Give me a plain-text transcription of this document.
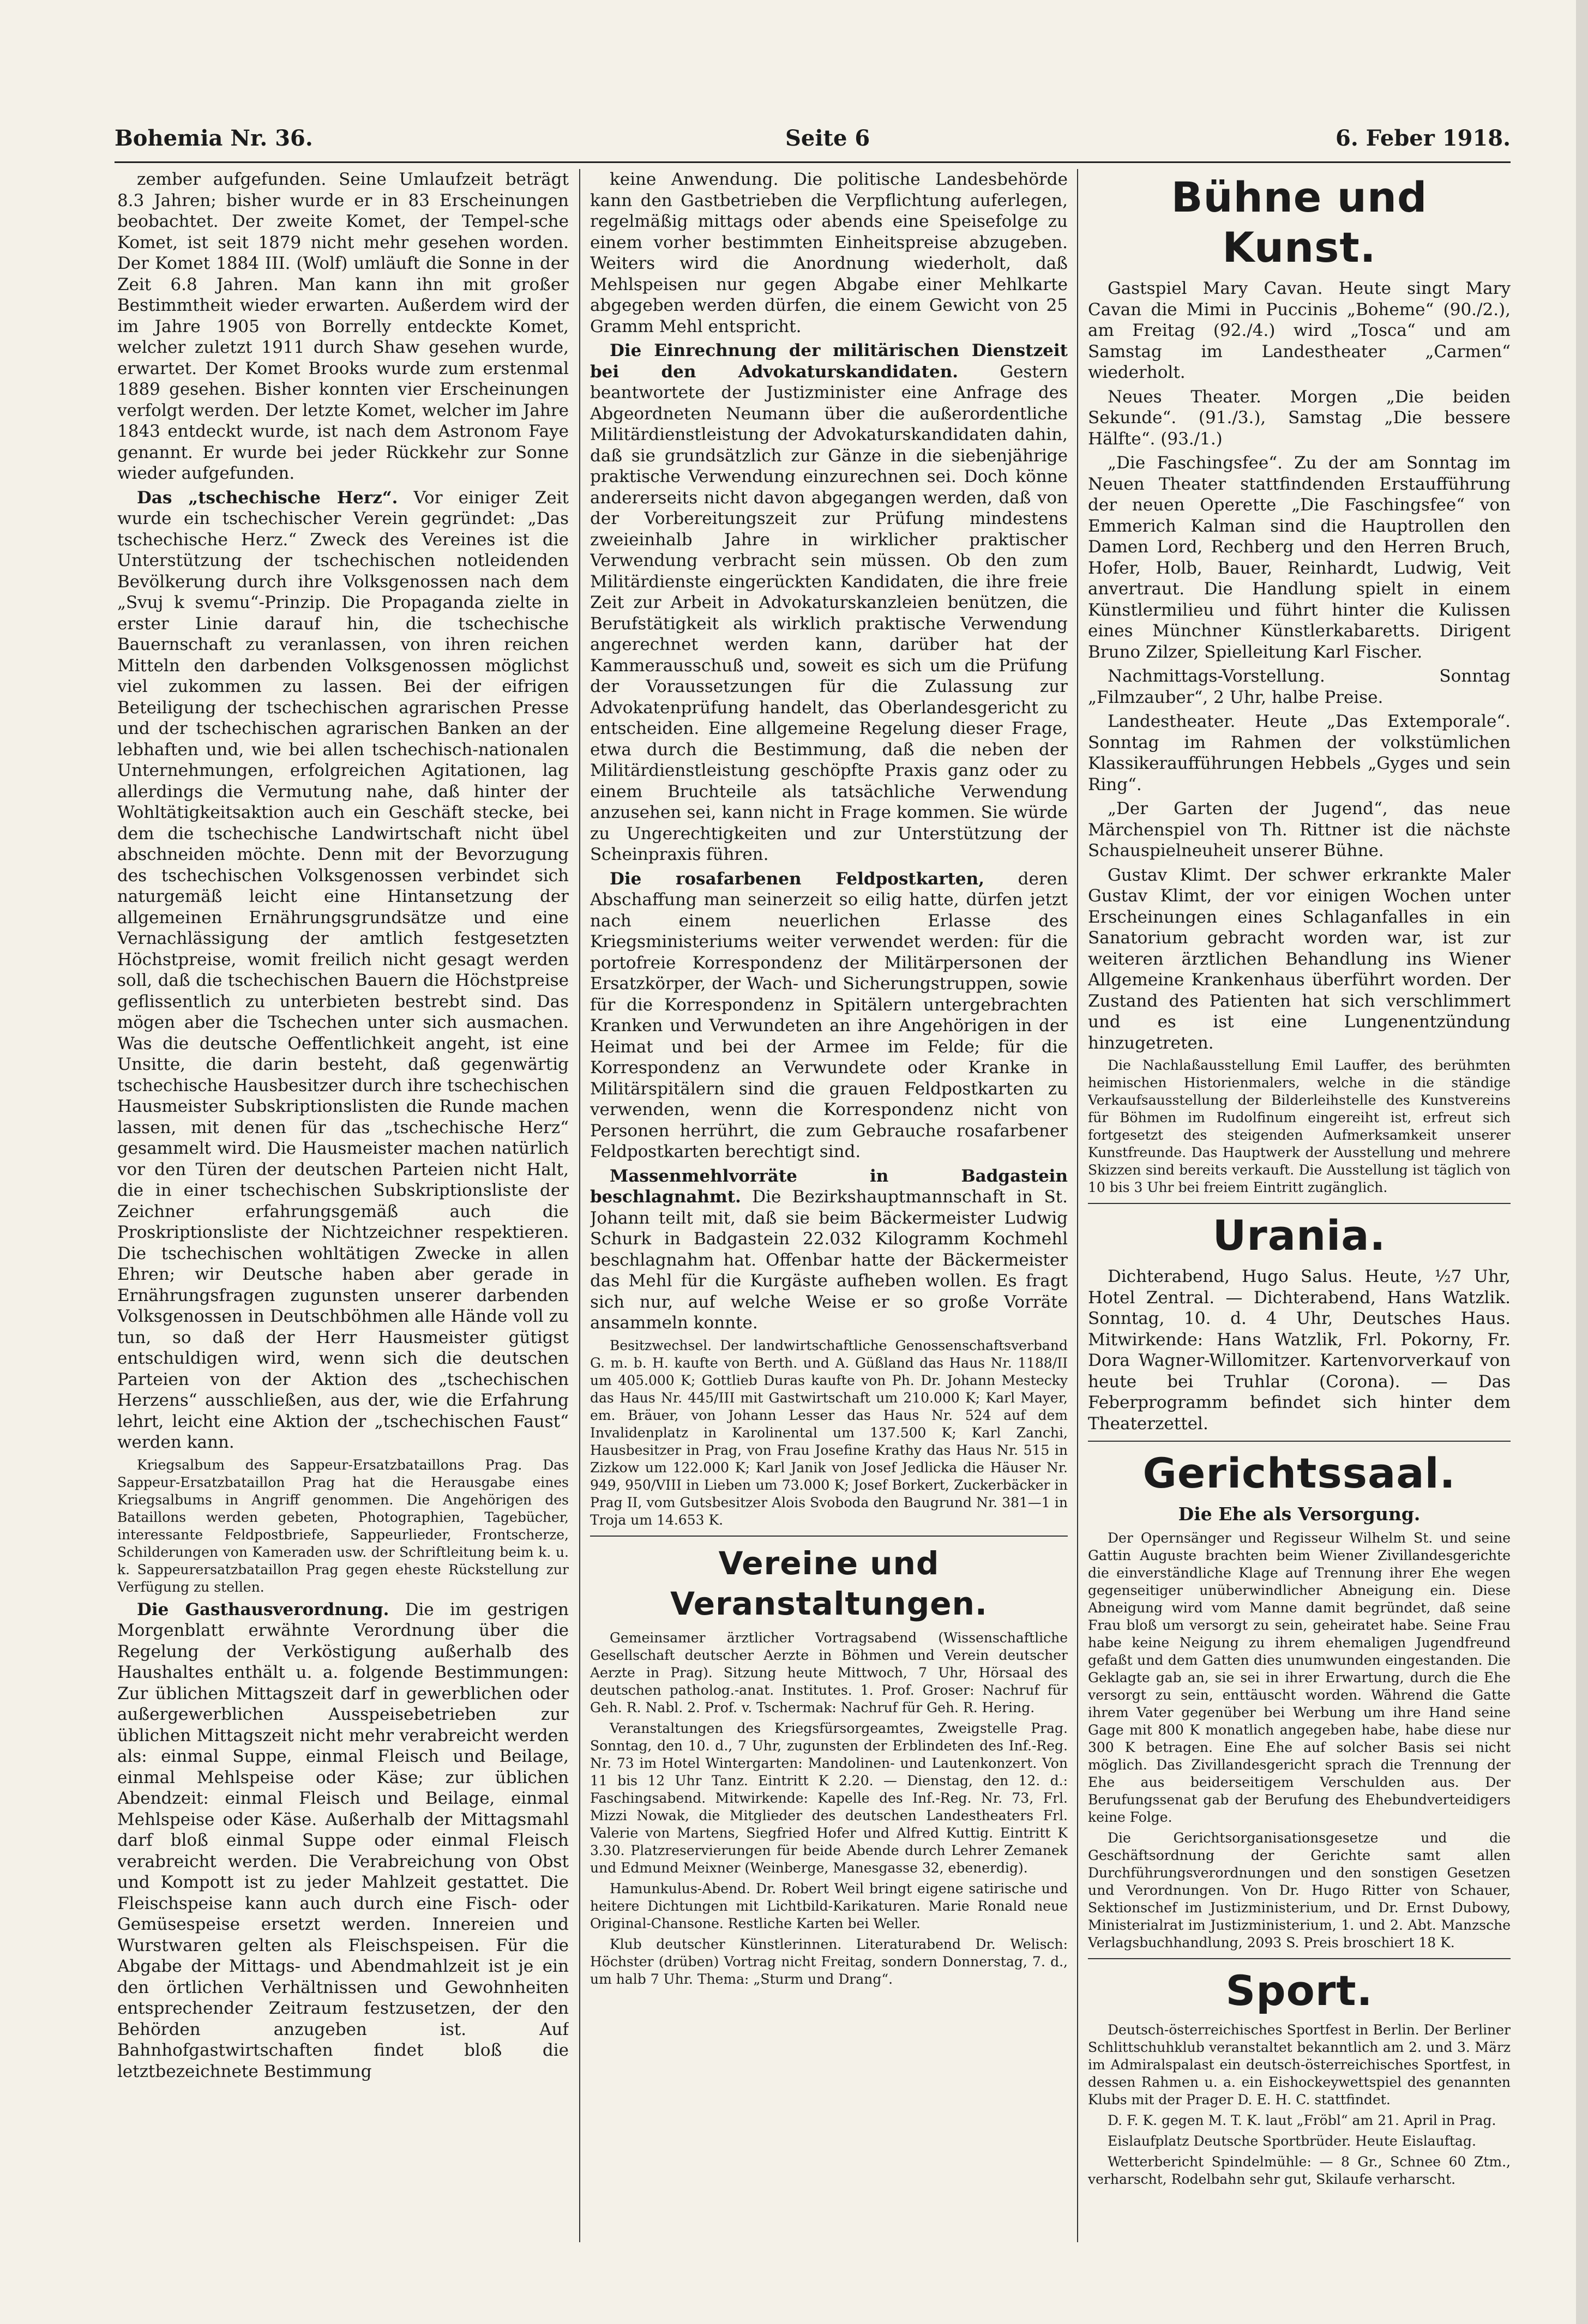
Bohemia Nr. 36.	Seite 6	6. Feber 1918.

zember aufgefunden. Seine Umlaufzeit beträgt 8.3 Jahren; bisher wurde er in 83 Erscheinungen beobachtet. Der zweite Komet, der Tempel-sche Komet, ist seit 1879 nicht mehr gesehen worden. Der Komet 1884 III. (Wolf) umläuft die Sonne in der Zeit 6.8 Jahren. Man kann ihn mit großer Bestimmtheit wieder erwarten. Außerdem wird der im Jahre 1905 von Borrelly entdeckte Komet, welcher zuletzt 1911 durch Shaw gesehen wurde, erwartet. Der Komet Brooks wurde zum erstenmal 1889 gesehen. Bisher konnten vier Erscheinungen verfolgt werden. Der letzte Komet, welcher im Jahre 1843 entdeckt wurde, ist nach dem Astronom Faye genannt. Er wurde bei jeder Rückkehr zur Sonne wieder aufgefunden.

Das „tschechische Herz“. Vor einiger Zeit wurde ein tschechischer Verein gegründet: „Das tschechische Herz.“ Zweck des Vereines ist die Unterstützung der tschechischen notleidenden Bevölkerung durch ihre Volksgenossen nach dem „Svuj k svemu“-Prinzip. Die Propaganda zielte in erster Linie darauf hin, die tschechische Bauernschaft zu veranlassen, von ihren reichen Mitteln den darbenden Volksgenossen möglichst viel zukommen zu lassen. Bei der eifrigen Beteiligung der tschechischen agrarischen Presse und der tschechischen agrarischen Banken an der lebhaften und, wie bei allen tschechisch-nationalen Unternehmungen, erfolgreichen Agitationen, lag allerdings die Vermutung nahe, daß hinter der Wohltätigkeitsaktion auch ein Geschäft stecke, bei dem die tschechische Landwirtschaft nicht übel abschneiden möchte. Denn mit der Bevorzugung des tschechischen Volksgenossen verbindet sich naturgemäß leicht eine Hintansetzung der allgemeinen Ernährungsgrundsätze und eine Vernachlässigung der amtlich festgesetzten Höchstpreise, womit freilich nicht gesagt werden soll, daß die tschechischen Bauern die Höchstpreise geflissentlich zu unterbieten bestrebt sind. Das mögen aber die Tschechen unter sich ausmachen. Was die deutsche Oeffentlichkeit angeht, ist eine Unsitte, die darin besteht, daß gegenwärtig tschechische Hausbesitzer durch ihre tschechischen Hausmeister Subskriptionslisten die Runde machen lassen, mit denen für das „tschechische Herz“ gesammelt wird. Die Hausmeister machen natürlich vor den Türen der deutschen Parteien nicht Halt, die in einer tschechischen Subskriptionsliste der Zeichner erfahrungsgemäß auch die Proskriptionsliste der Nichtzeichner respektieren. Die tschechischen wohltätigen Zwecke in allen Ehren; wir Deutsche haben aber gerade in Ernährungsfragen zugunsten unserer darbenden Volksgenossen in Deutschböhmen alle Hände voll zu tun, so daß der Herr Hausmeister gütigst entschuldigen wird, wenn sich die deutschen Parteien von der Aktion des „tschechischen Herzens“ ausschließen, aus der, wie die Erfahrung lehrt, leicht eine Aktion der „tschechischen Faust“ werden kann.

Kriegsalbum des Sappeur-Ersatzbataillons Prag. Das Sappeur-Ersatzbataillon Prag hat die Herausgabe eines Kriegsalbums in Angriff genommen. Die Angehörigen des Bataillons werden gebeten, Photographien, Tagebücher, interessante Feldpostbriefe, Sappeurlieder, Frontscherze, Schilderungen von Kameraden usw. der Schriftleitung beim k. u. k. Sappeurersatzbataillon Prag gegen eheste Rückstellung zur Verfügung zu stellen.

Die Gasthausverordnung. Die im gestrigen Morgenblatt erwähnte Verordnung über die Regelung der Verköstigung außerhalb des Haushaltes enthält u. a. folgende Bestimmungen: Zur üblichen Mittagszeit darf in gewerblichen oder außergewerblichen Ausspeisebetrieben zur üblichen Mittagszeit nicht mehr verabreicht werden als: einmal Suppe, einmal Fleisch und Beilage, einmal Mehlspeise oder Käse; zur üblichen Abendzeit: einmal Fleisch und Beilage, einmal Mehlspeise oder Käse. Außerhalb der Mittagsmahl darf bloß einmal Suppe oder einmal Fleisch verabreicht werden. Die Verabreichung von Obst und Kompott ist zu jeder Mahlzeit gestattet. Die Fleischspeise kann auch durch eine Fisch- oder Gemüsespeise ersetzt werden. Innereien und Wurstwaren gelten als Fleischspeisen. Für die Abgabe der Mittags- und Abendmahlzeit ist je ein den örtlichen Verhältnissen und Gewohnheiten entsprechender Zeitraum festzusetzen, der den Behörden anzugeben ist. Auf Bahnhofgastwirtschaften findet bloß die letztbezeichnete Bestimmung

keine Anwendung. Die politische Landesbehörde kann den Gastbetrieben die Verpflichtung auferlegen, regelmäßig mittags oder abends eine Speisefolge zu einem vorher bestimmten Einheitspreise abzugeben. Weiters wird die Anordnung wiederholt, daß Mehlspeisen nur gegen Abgabe einer Mehlkarte abgegeben werden dürfen, die einem Gewicht von 25 Gramm Mehl entspricht.

Die Einrechnung der militärischen Dienstzeit bei den Advokaturskandidaten. Gestern beantwortete der Justizminister eine Anfrage des Abgeordneten Neumann über die außerordentliche Militärdienstleistung der Advokaturskandidaten dahin, daß sie grundsätzlich zur Gänze in die siebenjährige praktische Verwendung einzurechnen sei. Doch könne andererseits nicht davon abgegangen werden, daß von der Vorbereitungszeit zur Prüfung mindestens zweieinhalb Jahre in wirklicher praktischer Verwendung verbracht sein müssen. Ob den zum Militärdienste eingerückten Kandidaten, die ihre freie Zeit zur Arbeit in Advokaturskanzleien benützen, die Berufstätigkeit als wirklich praktische Verwendung angerechnet werden kann, darüber hat der Kammerausschuß und, soweit es sich um die Prüfung der Voraussetzungen für die Zulassung zur Advokatenprüfung handelt, das Oberlandesgericht zu entscheiden. Eine allgemeine Regelung dieser Frage, etwa durch die Bestimmung, daß die neben der Militärdienstleistung geschöpfte Praxis ganz oder zu einem Bruchteile als tatsächliche Verwendung anzusehen sei, kann nicht in Frage kommen. Sie würde zu Ungerechtigkeiten und zur Unterstützung der Scheinpraxis führen.

Die rosafarbenen Feldpostkarten, deren Abschaffung man seinerzeit so eilig hatte, dürfen jetzt nach einem neuerlichen Erlasse des Kriegsministeriums weiter verwendet werden: für die portofreie Korrespondenz der Militärpersonen der Ersatzkörper, der Wach- und Sicherungstruppen, sowie für die Korrespondenz in Spitälern untergebrachten Kranken und Verwundeten an ihre Angehörigen in der Heimat und bei der Armee im Felde; für die Korrespondenz an Verwundete oder Kranke in Militärspitälern sind die grauen Feldpostkarten zu verwenden, wenn die Korrespondenz nicht von Personen herrührt, die zum Gebrauche rosafarbener Feldpostkarten berechtigt sind.

Massenmehlvorräte in Badgastein beschlagnahmt. Die Bezirkshauptmannschaft in St. Johann teilt mit, daß sie beim Bäckermeister Ludwig Schurk in Badgastein 22.032 Kilogramm Kochmehl beschlagnahm hat. Offenbar hatte der Bäckermeister das Mehl für die Kurgäste aufheben wollen. Es fragt sich nur, auf welche Weise er so große Vorräte ansammeln konnte.

Besitzwechsel. Der landwirtschaftliche Genossenschaftsverband G. m. b. H. kaufte von Berth. und A. Güßland das Haus Nr. 1188/II um 405.000 K; Gottlieb Duras kaufte von Ph. Dr. Johann Mestecky das Haus Nr. 445/III mit Gastwirtschaft um 210.000 K; Karl Mayer, em. Bräuer, von Johann Lesser das Haus Nr. 524 auf dem Invalidenplatz in Karolinental um 137.500 K; Karl Zanchi, Hausbesitzer in Prag, von Frau Josefine Krathy das Haus Nr. 515 in Zizkow um 122.000 K; Karl Janik von Josef Jedlicka die Häuser Nr. 949, 950/VIII in Lieben um 73.000 K; Josef Borkert, Zuckerbäcker in Prag II, vom Gutsbesitzer Alois Svoboda den Baugrund Nr. 381—1 in Troja um 14.653 K.

Vereine und Veranstaltungen.

Gemeinsamer ärztlicher Vortragsabend (Wissenschaftliche Gesellschaft deutscher Aerzte in Böhmen und Verein deutscher Aerzte in Prag). Sitzung heute Mittwoch, 7 Uhr, Hörsaal des deutschen patholog.-anat. Institutes. 1. Prof. Groser: Nachruf für Geh. R. Nabl. 2. Prof. v. Tschermak: Nachruf für Geh. R. Hering.

Veranstaltungen des Kriegsfürsorgeamtes, Zweigstelle Prag. Sonntag, den 10. d., 7 Uhr, zugunsten der Erblindeten des Inf.-Reg. Nr. 73 im Hotel Wintergarten: Mandolinen- und Lautenkonzert. Von 11 bis 12 Uhr Tanz. Eintritt K 2.20. — Dienstag, den 12. d.: Faschingsabend. Mitwirkende: Kapelle des Inf.-Reg. Nr. 73, Frl. Mizzi Nowak, die Mitglieder des deutschen Landestheaters Frl. Valerie von Martens, Siegfried Hofer und Alfred Kuttig. Eintritt K 3.30. Platzreservierungen für beide Abende durch Lehrer Zemanek und Edmund Meixner (Weinberge, Manesgasse 32, ebenerdig).

Hamunkulus-Abend. Dr. Robert Weil bringt eigene satirische und heitere Dichtungen mit Lichtbild-Karikaturen. Marie Ronald neue Original-Chansone. Restliche Karten bei Weller.

Klub deutscher Künstlerinnen. Literaturabend Dr. Welisch: Höchster (drüben) Vortrag nicht Freitag, sondern Donnerstag, 7. d., um halb 7 Uhr. Thema: „Sturm und Drang“.

Bühne und Kunst.

Gastspiel Mary Cavan. Heute singt Mary Cavan die Mimi in Puccinis „Boheme“ (90./2.), am Freitag (92./4.) wird „Tosca“ und am Samstag im Landestheater „Carmen“ wiederholt.

Neues Theater. Morgen „Die beiden Sekunde“. (91./3.), Samstag „Die bessere Hälfte“. (93./1.)

„Die Faschingsfee“. Zu der am Sonntag im Neuen Theater stattfindenden Erstaufführung der neuen Operette „Die Faschingsfee“ von Emmerich Kalman sind die Hauptrollen den Damen Lord, Rechberg und den Herren Bruch, Hofer, Holb, Bauer, Reinhardt, Ludwig, Veit anvertraut. Die Handlung spielt in einem Künstlermilieu und führt hinter die Kulissen eines Münchner Künstlerkabaretts. Dirigent Bruno Zilzer, Spielleitung Karl Fischer.

Nachmittags-Vorstellung. Sonntag „Filmzauber“, 2 Uhr, halbe Preise.

Landestheater. Heute „Das Extemporale“. Sonntag im Rahmen der volkstümlichen Klassikeraufführungen Hebbels „Gyges und sein Ring“.

„Der Garten der Jugend“, das neue Märchenspiel von Th. Rittner ist die nächste Schauspielneuheit unserer Bühne.

Gustav Klimt. Der schwer erkrankte Maler Gustav Klimt, der vor einigen Wochen unter Erscheinungen eines Schlaganfalles in ein Sanatorium gebracht worden war, ist zur weiteren ärztlichen Behandlung ins Wiener Allgemeine Krankenhaus überführt worden. Der Zustand des Patienten hat sich verschlimmert und es ist eine Lungenentzündung hinzugetreten.

Die Nachlaßausstellung Emil Lauffer, des berühmten heimischen Historienmalers, welche in die ständige Verkaufsausstellung der Bilderleihstelle des Kunstvereins für Böhmen im Rudolfinum eingereiht ist, erfreut sich fortgesetzt des steigenden Aufmerksamkeit unserer Kunstfreunde. Das Hauptwerk der Ausstellung und mehrere Skizzen sind bereits verkauft. Die Ausstellung ist täglich von 10 bis 3 Uhr bei freiem Eintritt zugänglich.

Urania.

Dichterabend, Hugo Salus. Heute, ½7 Uhr, Hotel Zentral. — Dichterabend, Hans Watzlik. Sonntag, 10. d. 4 Uhr, Deutsches Haus. Mitwirkende: Hans Watzlik, Frl. Pokorny, Fr. Dora Wagner-Willomitzer. Kartenvorverkauf von heute bei Truhlar (Corona). — Das Feberprogramm befindet sich hinter dem Theaterzettel.

Gerichtssaal.
Die Ehe als Versorgung.

Der Opernsänger und Regisseur Wilhelm St. und seine Gattin Auguste brachten beim Wiener Zivillandesgerichte die einverständliche Klage auf Trennung ihrer Ehe wegen gegenseitiger unüberwindlicher Abneigung ein. Diese Abneigung wird vom Manne damit begründet, daß seine Frau bloß um versorgt zu sein, geheiratet habe. Seine Frau habe keine Neigung zu ihrem ehemaligen Jugendfreund gefaßt und dem Gatten dies unumwunden eingestanden. Die Geklagte gab an, sie sei in ihrer Erwartung, durch die Ehe versorgt zu sein, enttäuscht worden. Während die Gatte ihrem Vater gegenüber bei Werbung um ihre Hand seine Gage mit 800 K monatlich angegeben habe, habe diese nur 300 K betragen. Eine Ehe auf solcher Basis sei nicht möglich. Das Zivillandesgericht sprach die Trennung der Ehe aus beiderseitigem Verschulden aus. Der Berufungssenat gab der Berufung des Ehebundverteidigers keine Folge.

Die Gerichtsorganisationsgesetze und die Geschäftsordnung der Gerichte samt allen Durchführungsverordnungen und den sonstigen Gesetzen und Verordnungen. Von Dr. Hugo Ritter von Schauer, Sektionschef im Justizministerium, und Dr. Ernst Dubowy, Ministerialrat im Justizministerium, 1. und 2. Abt. Manzsche Verlagsbuchhandlung, 2093 S. Preis broschiert 18 K.

Sport.

Deutsch-österreichisches Sportfest in Berlin. Der Berliner Schlittschuhklub veranstaltet bekanntlich am 2. und 3. März im Admiralspalast ein deutsch-österreichisches Sportfest, in dessen Rahmen u. a. ein Eishockeywettspiel des genannten Klubs mit der Prager D. E. H. C. stattfindet.

D. F. K. gegen M. T. K. laut „Fröbl“ am 21. April in Prag.

Eislaufplatz Deutsche Sportbrüder. Heute Eislauftag.

Wetterbericht Spindelmühle: — 8 Gr., Schnee 60 Ztm., verharscht, Rodelbahn sehr gut, Skilaufe verharscht.
